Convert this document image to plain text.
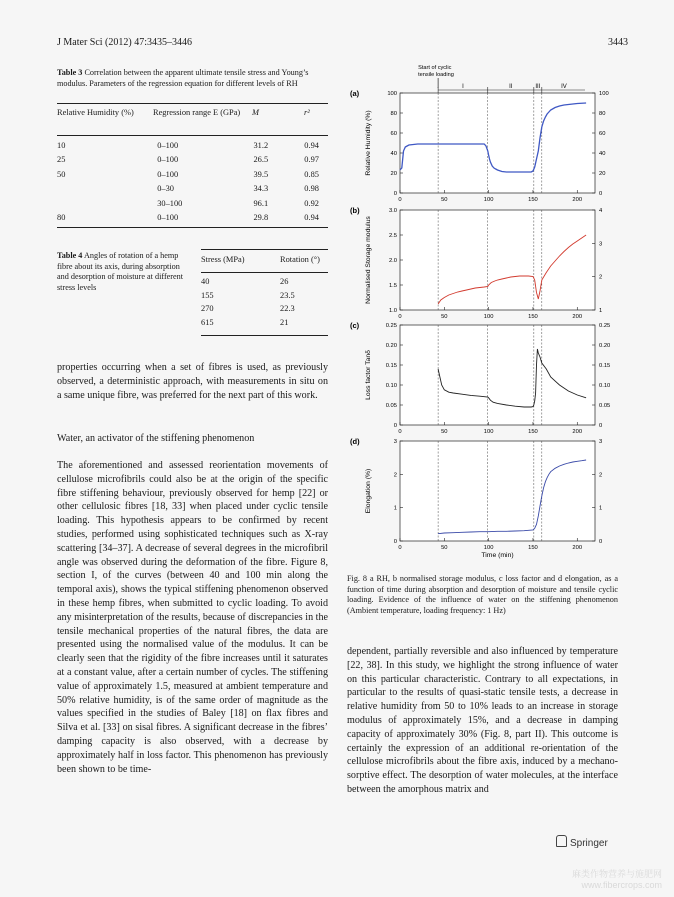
J Mater Sci (2012) 47:3435–3446	3443
Table 3 Correlation between the apparent ultimate tensile stress and Young’s modulus. Parameters of the regression equation for different levels of RH
Relative Humidity (%)	Regression range E (GPa)	M	r²
10	0–100	31.2	0.94
25	0–100	26.5	0.97
50	0–100	39.5	0.85
	0–30	34.3	0.98
	30–100	96.1	0.92
80	0–100	29.8	0.94
Table 4 Angles of rotation of a hemp fibre about its axis, during absorption and desorption of moisture at different stress levels
Stress (MPa)	Rotation (°)
40	26
155	23.5
270	22.3
615	21
properties occurring when a set of fibres is used, as previously observed, a deterministic approach, with measurements in situ on a same unique fibre, was preferred for the next part of this work.
Water, an activator of the stiffening phenomenon
The aforementioned and assessed reorientation movements of cellulose microfibrils could also be at the origin of the specific fibre stiffening behaviour, previously observed for hemp [22] or other cellulosic fibres [18, 33] when placed under cyclic tensile loading. This hypothesis appears to be confirmed by recent studies, performed using sophisticated techniques such as X-ray scattering [34–37]. A decrease of several degrees in the microfibril angle was observed during the deformation of the fibre. Figure 8, section I, of the curves (between 40 and 100 min along the temporal axis), shows the typical stiffening phenomenon observed in these hemp fibres, when submitted to cyclic loading. To avoid any misinterpretation of the results, because of discrepancies in the tensile mechanical properties of the natural fibres, the data are presented using the normalised value of the modulus. It can be clearly seen that the rigidity of the fibre increases until it saturates at a constant value, after a certain number of cycles. The stiffening value of approximately 1.5, measured at ambient temperature and 50% relative humidity, is of the same order of magnitude as the values specified in the studies of Baley [18] on flax fibres and Silva et al. [33] on sisal fibres. A significant decrease in the fibres’ damping capacity is also observed, with a decrease by approximately half in loss factor. This phenomenon has previously been shown to be time-
Start of cyclic
tensile loading
I	II	III	IV
(a)
0
20
40
60
80
100
0
20
40
60
80
100
0	50	100	150	200
Relative Humidity (%)
(b)
1.0
1.5
2.0
2.5
3.0
1
2
3
4
0	50	100	150	200
Normalised Storage modulus
(c)
0
0.05
0.10
0.15
0.20
0.25
0
0.05
0.10
0.15
0.20
0.25
0	50	100	150	200
Loss factor Tanδ
(d)
0
1
2
3
0
1
2
3
0	50	100	150	200
Elongation (%)
Time (min)
Fig. 8 a RH, b normalised storage modulus, c loss factor and d elongation, as a function of time during absorption and desorption of moisture and tensile cyclic loading. Evidence of the influence of water on the stiffening phenomenon (Ambient temperature, loading frequency: 1 Hz)
dependent, partially reversible and also influenced by temperature [22, 38]. In this study, we highlight the strong influence of water on this particular characteristic. Contrary to all expectations, in particular to the results of quasi-static tensile tests, a decrease in relative humidity from 50 to 10% leads to an increase in storage modulus of approximately 15%, and a decrease in damping capacity of approximately 30% (Fig. 8, part II). This outcome is certainly the expression of an additional re-orientation of the cellulose microfibrils about the fibre axis, induced by a mechano-sorptive effect. The desorption of water molecules, at the interface between the amorphous matrix and
Springer
麻类作物营养与施肥网
www.fibercrops.com
